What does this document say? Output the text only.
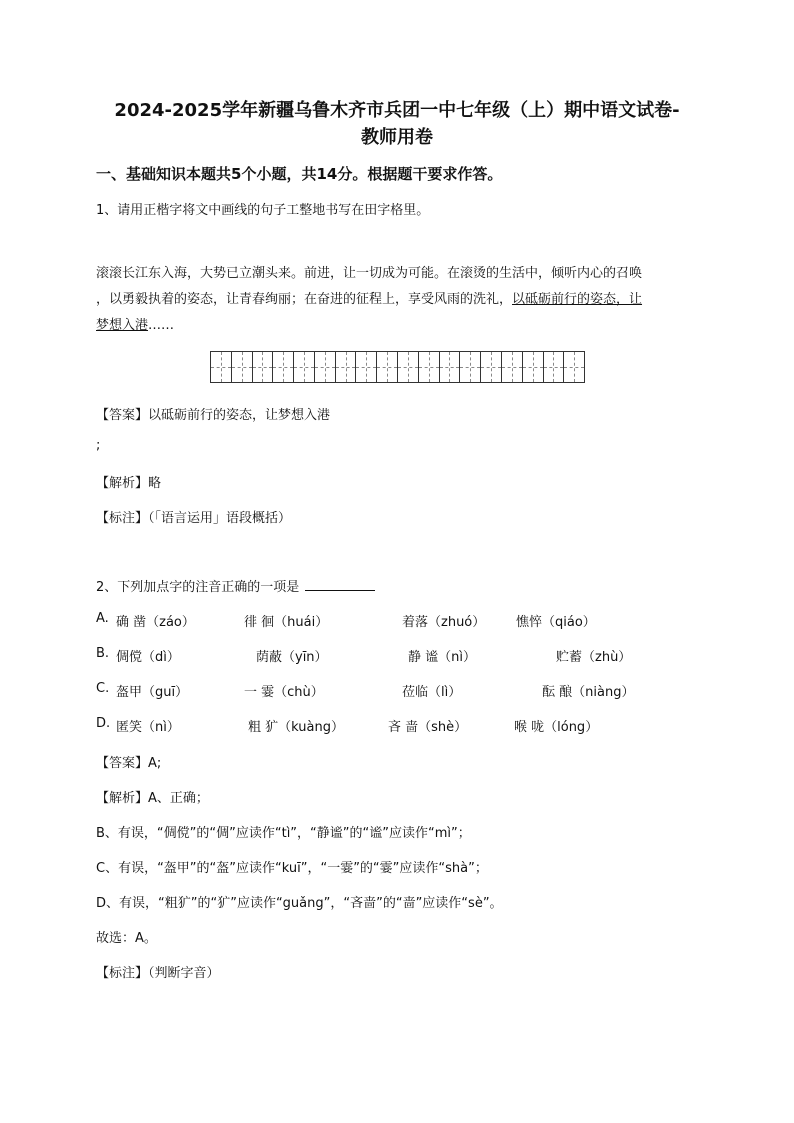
2024-2025学年新疆乌鲁木齐市兵团一中七年级（上）期中语文试卷-
教师用卷
一、基础知识本题共5个小题，共14分。根据题干要求作答。
1、请用正楷字将文中画线的句子工整地书写在田字格里。
滚滚长江东入海，大势已立潮头来。前进，让一切成为可能。在滚烫的生活中，倾听内心的召唤
，以勇毅执着的姿态，让青春绚丽；在奋进的征程上，享受风雨的洗礼，以砥砺前行的姿态，让
梦想入港……
【答案】以砥砺前行的姿态，让梦想入港
;
【解析】略
【标注】（「语言运用」语段概括）
2、下列加点字的注音正确的一项是
A. 确 凿（záo）	徘 徊（huái）	着落（zhuó） 憔悴（qiáo）
B. 倜傥（dì）	荫蔽（yīn）	静 谧（nì）	贮蓄（zhù）
C. 盔甲（guī）	一 霎（chù）	莅临（lì）	酝 酿（niàng）
D. 匿笑（nì）	粗 犷（kuàng）	吝 啬（shè）	喉 咙（lóng）
【答案】A;
【解析】A、正确；
B、有误，“倜傥”的“倜”应读作“tì”，“静谧”的“谧”应读作“mì”；
C、有误，“盔甲”的“盔”应读作“kuī”，“一霎”的“霎”应读作“shà”；
D、有误，“粗犷”的“犷”应读作“guǎng”，“吝啬”的“啬”应读作“sè”。
故选：A。
【标注】（判断字音）
